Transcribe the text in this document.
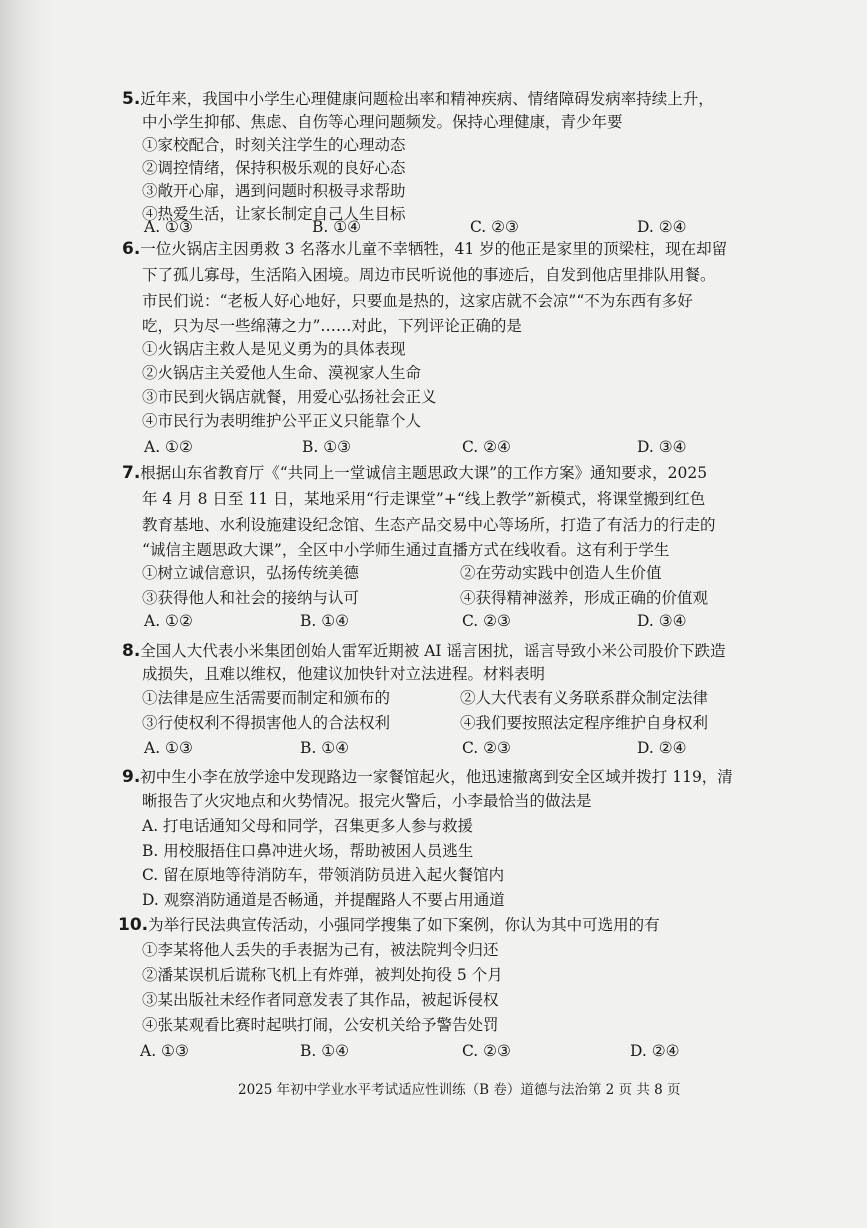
5.近年来，我国中小学生心理健康问题检出率和精神疾病、情绪障碍发病率持续上升，
中小学生抑郁、焦虑、自伤等心理问题频发。保持心理健康，青少年要
①家校配合，时刻关注学生的心理动态
②调控情绪，保持积极乐观的良好心态
③敞开心扉，遇到问题时积极寻求帮助
④热爱生活，让家长制定自己人生目标
A. ①③	B. ①④	C. ②③	D. ②④
6.一位火锅店主因勇救 3 名落水儿童不幸牺牲，41 岁的他正是家里的顶梁柱，现在却留
下了孤儿寡母，生活陷入困境。周边市民听说他的事迹后，自发到他店里排队用餐。
市民们说：“老板人好心地好，只要血是热的，这家店就不会凉”“不为东西有多好
吃，只为尽一些绵薄之力”……对此，下列评论正确的是
①火锅店主救人是见义勇为的具体表现
②火锅店主关爱他人生命、漠视家人生命
③市民到火锅店就餐，用爱心弘扬社会正义
④市民行为表明维护公平正义只能靠个人
A. ①②	B. ①③	C. ②④	D. ③④
7.根据山东省教育厅《“共同上一堂诚信主题思政大课”的工作方案》通知要求，2025
年 4 月 8 日至 11 日，某地采用“行走课堂”+“线上教学”新模式，将课堂搬到红色
教育基地、水利设施建设纪念馆、生态产品交易中心等场所，打造了有活力的行走的
“诚信主题思政大课”，全区中小学师生通过直播方式在线收看。这有利于学生
①树立诚信意识，弘扬传统美德	②在劳动实践中创造人生价值
③获得他人和社会的接纳与认可	④获得精神滋养，形成正确的价值观
A. ①②	B. ①④	C. ②③	D. ③④
8.全国人大代表小米集团创始人雷军近期被 AI 谣言困扰，谣言导致小米公司股价下跌造
成损失，且难以维权，他建议加快针对立法进程。材料表明
①法律是应生活需要而制定和颁布的	②人大代表有义务联系群众制定法律
③行使权利不得损害他人的合法权利	④我们要按照法定程序维护自身权利
A. ①③	B. ①④	C. ②③	D. ②④
9.初中生小李在放学途中发现路边一家餐馆起火，他迅速撤离到安全区域并拨打 119，清
晰报告了火灾地点和火势情况。报完火警后，小李最恰当的做法是
A. 打电话通知父母和同学，召集更多人参与救援
B. 用校服捂住口鼻冲进火场，帮助被困人员逃生
C. 留在原地等待消防车，带领消防员进入起火餐馆内
D. 观察消防通道是否畅通，并提醒路人不要占用通道
10.为举行民法典宣传活动，小强同学搜集了如下案例，你认为其中可选用的有
①李某将他人丢失的手表据为己有，被法院判令归还
②潘某误机后谎称飞机上有炸弹，被判处拘役 5 个月
③某出版社未经作者同意发表了其作品，被起诉侵权
④张某观看比赛时起哄打闹，公安机关给予警告处罚
A. ①③	B. ①④	C. ②③	D. ②④
2025 年初中学业水平考试适应性训练（B 卷）道德与法治第 2 页 共 8 页
